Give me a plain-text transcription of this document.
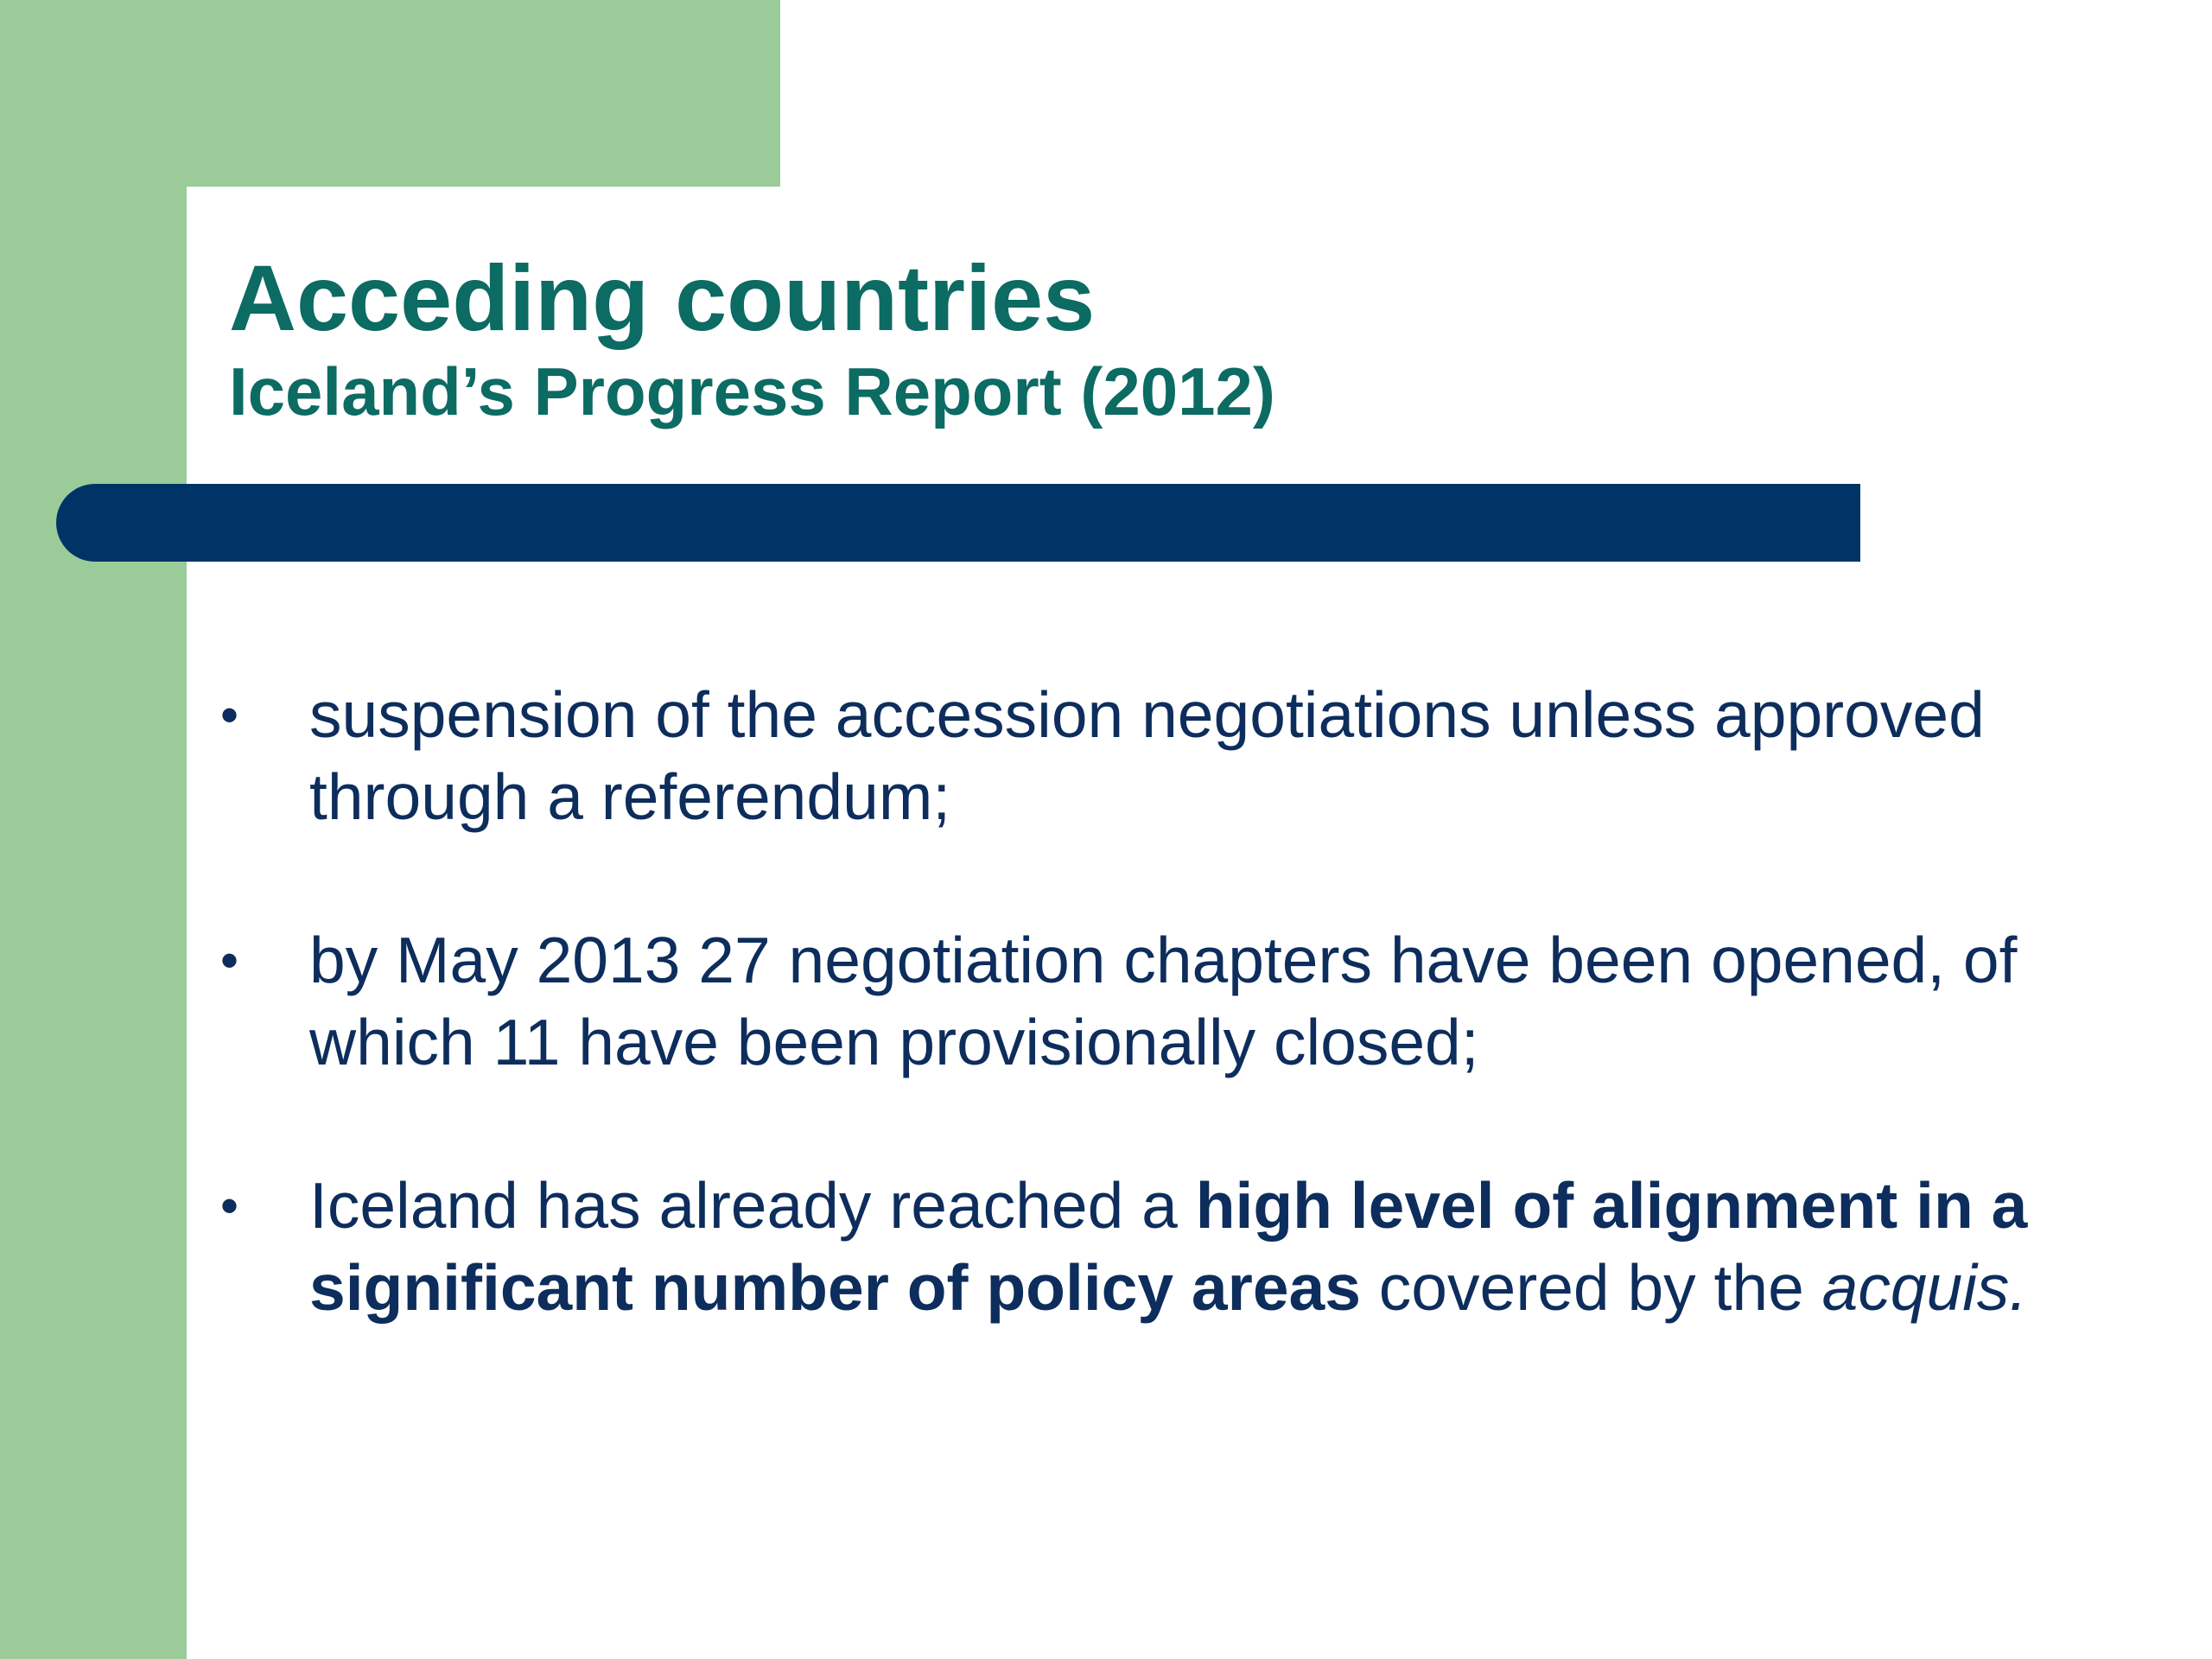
Acceding countries
Iceland’s Progress Report (2012)
• suspension of the accession negotiations unless approved through a referendum;
• by May 2013 27 negotiation chapters have been opened, of which 11 have been provisionally closed;
• Iceland has already reached a high level of alignment in a significant number of policy areas covered by the acquis.
